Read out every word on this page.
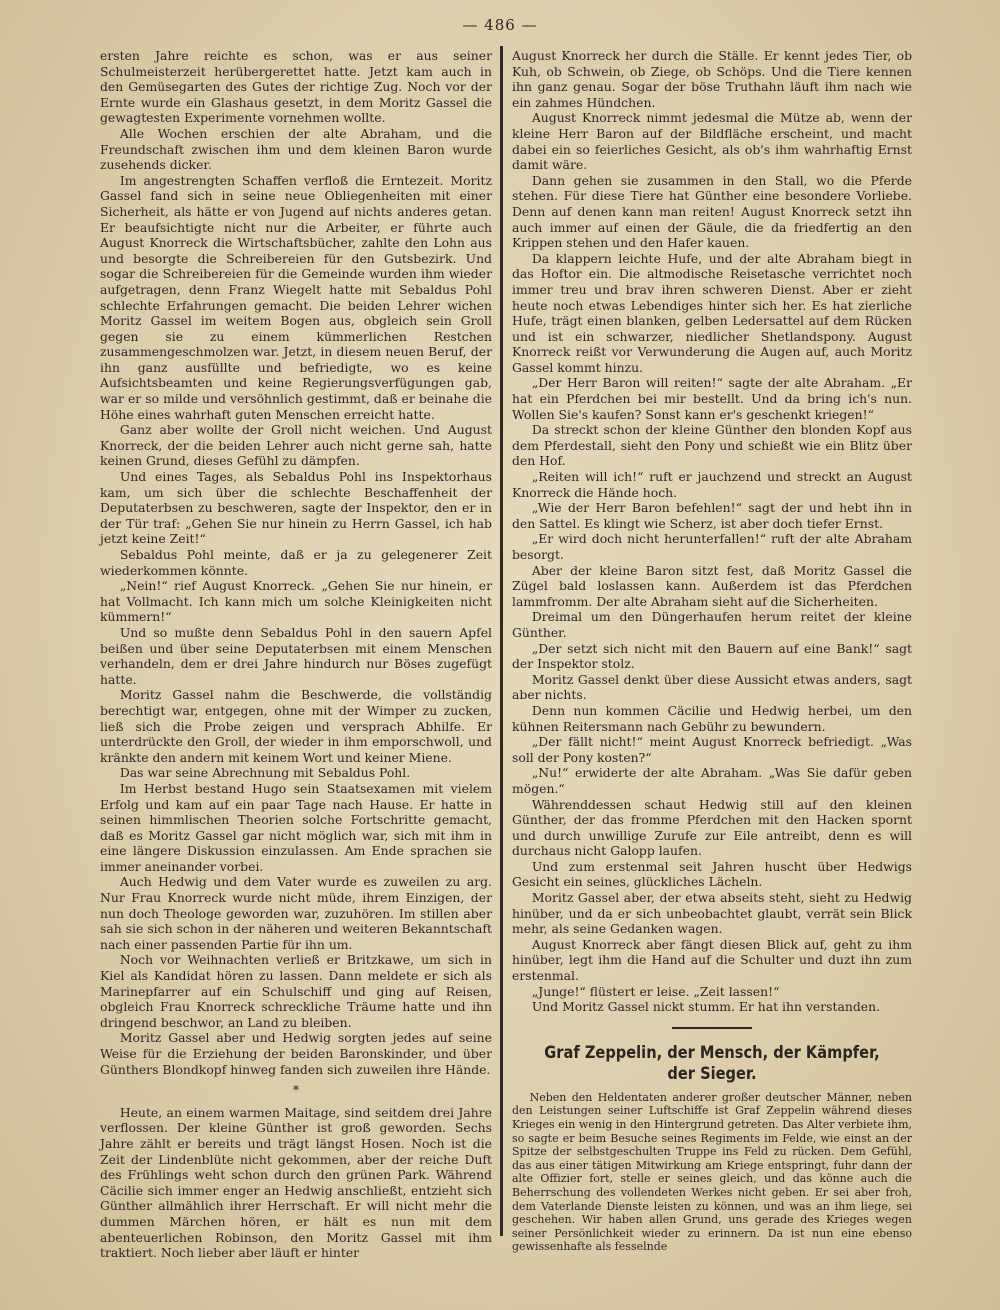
— 486 —

ersten Jahre reichte es schon, was er aus seiner Schulmeisterzeit herübergerettet hatte. Jetzt kam auch in den Gemüsegarten des Gutes der richtige Zug. Noch vor der Ernte wurde ein Glashaus gesetzt, in dem Moritz Gassel die gewagtesten Experimente vornehmen wollte.

Alle Wochen erschien der alte Abraham, und die Freundschaft zwischen ihm und dem kleinen Baron wurde zusehends dicker.

Im angestrengten Schaffen verfloß die Erntezeit. Moritz Gassel fand sich in seine neue Obliegenheiten mit einer Sicherheit, als hätte er von Jugend auf nichts anderes getan. Er beaufsichtigte nicht nur die Arbeiter, er führte auch August Knorreck die Wirtschaftsbücher, zahlte den Lohn aus und besorgte die Schreibereien für den Gutsbezirk. Und sogar die Schreibereien für die Gemeinde wurden ihm wieder aufgetragen, denn Franz Wiegelt hatte mit Sebaldus Pohl schlechte Erfahrungen gemacht. Die beiden Lehrer wichen Moritz Gassel im weitem Bogen aus, obgleich sein Groll gegen sie zu einem kümmerlichen Restchen zusammengeschmolzen war. Jetzt, in diesem neuen Beruf, der ihn ganz ausfüllte und befriedigte, wo es keine Aufsichtsbeamten und keine Regierungsverfügungen gab, war er so milde und versöhnlich gestimmt, daß er beinahe die Höhe eines wahrhaft guten Menschen erreicht hatte.

Ganz aber wollte der Groll nicht weichen. Und August Knorreck, der die beiden Lehrer auch nicht gerne sah, hatte keinen Grund, dieses Gefühl zu dämpfen.

Und eines Tages, als Sebaldus Pohl ins Inspektorhaus kam, um sich über die schlechte Beschaffenheit der Deputaterbsen zu beschweren, sagte der Inspektor, den er in der Tür traf: „Gehen Sie nur hinein zu Herrn Gassel, ich hab jetzt keine Zeit!“

Sebaldus Pohl meinte, daß er ja zu gelegenerer Zeit wiederkommen könnte.

„Nein!“ rief August Knorreck. „Gehen Sie nur hinein, er hat Vollmacht. Ich kann mich um solche Kleinigkeiten nicht kümmern!“

Und so mußte denn Sebaldus Pohl in den sauern Apfel beißen und über seine Deputaterbsen mit einem Menschen verhandeln, dem er drei Jahre hindurch nur Böses zugefügt hatte.

Moritz Gassel nahm die Beschwerde, die vollständig berechtigt war, entgegen, ohne mit der Wimper zu zucken, ließ sich die Probe zeigen und versprach Abhilfe. Er unterdrückte den Groll, der wieder in ihm emporschwoll, und kränkte den andern mit keinem Wort und keiner Miene.

Das war seine Abrechnung mit Sebaldus Pohl.

Im Herbst bestand Hugo sein Staatsexamen mit vielem Erfolg und kam auf ein paar Tage nach Hause. Er hatte in seinen himmlischen Theorien solche Fortschritte gemacht, daß es Moritz Gassel gar nicht möglich war, sich mit ihm in eine längere Diskussion einzulassen. Am Ende sprachen sie immer aneinander vorbei.

Auch Hedwig und dem Vater wurde es zuweilen zu arg. Nur Frau Knorreck wurde nicht müde, ihrem Einzigen, der nun doch Theologe geworden war, zuzuhören. Im stillen aber sah sie sich schon in der näheren und weiteren Bekanntschaft nach einer passenden Partie für ihn um.

Noch vor Weihnachten verließ er Britzkawe, um sich in Kiel als Kandidat hören zu lassen. Dann meldete er sich als Marinepfarrer auf ein Schulschiff und ging auf Reisen, obgleich Frau Knorreck schreckliche Träume hatte und ihn dringend beschwor, an Land zu bleiben.

Moritz Gassel aber und Hedwig sorgten jedes auf seine Weise für die Erziehung der beiden Baronskinder, und über Günthers Blondkopf hinweg fanden sich zuweilen ihre Hände.

*

Heute, an einem warmen Maitage, sind seitdem drei Jahre verflossen. Der kleine Günther ist groß geworden. Sechs Jahre zählt er bereits und trägt längst Hosen. Noch ist die Zeit der Lindenblüte nicht gekommen, aber der reiche Duft des Frühlings weht schon durch den grünen Park. Während Cäcilie sich immer enger an Hedwig anschließt, entzieht sich Günther allmählich ihrer Herrschaft. Er will nicht mehr die dummen Märchen hören, er hält es nun mit dem abenteuerlichen Robinson, den Moritz Gassel mit ihm traktiert. Noch lieber aber läuft er hinter

August Knorreck her durch die Ställe. Er kennt jedes Tier, ob Kuh, ob Schwein, ob Ziege, ob Schöps. Und die Tiere kennen ihn ganz genau. Sogar der böse Truthahn läuft ihm nach wie ein zahmes Hündchen.

August Knorreck nimmt jedesmal die Mütze ab, wenn der kleine Herr Baron auf der Bildfläche erscheint, und macht dabei ein so feierliches Gesicht, als ob's ihm wahrhaftig Ernst damit wäre.

Dann gehen sie zusammen in den Stall, wo die Pferde stehen. Für diese Tiere hat Günther eine besondere Vorliebe. Denn auf denen kann man reiten! August Knorreck setzt ihn auch immer auf einen der Gäule, die da friedfertig an den Krippen stehen und den Hafer kauen.

Da klappern leichte Hufe, und der alte Abraham biegt in das Hoftor ein. Die altmodische Reisetasche verrichtet noch immer treu und brav ihren schweren Dienst. Aber er zieht heute noch etwas Lebendiges hinter sich her. Es hat zierliche Hufe, trägt einen blanken, gelben Ledersattel auf dem Rücken und ist ein schwarzer, niedlicher Shetlandspony. August Knorreck reißt vor Verwunderung die Augen auf, auch Moritz Gassel kommt hinzu.

„Der Herr Baron will reiten!“ sagte der alte Abraham. „Er hat ein Pferdchen bei mir bestellt. Und da bring ich's nun. Wollen Sie's kaufen? Sonst kann er's geschenkt kriegen!“

Da streckt schon der kleine Günther den blonden Kopf aus dem Pferdestall, sieht den Pony und schießt wie ein Blitz über den Hof.

„Reiten will ich!“ ruft er jauchzend und streckt an August Knorreck die Hände hoch.

„Wie der Herr Baron befehlen!“ sagt der und hebt ihn in den Sattel. Es klingt wie Scherz, ist aber doch tiefer Ernst.

„Er wird doch nicht herunterfallen!“ ruft der alte Abraham besorgt.

Aber der kleine Baron sitzt fest, daß Moritz Gassel die Zügel bald loslassen kann. Außerdem ist das Pferdchen lammfromm. Der alte Abraham sieht auf die Sicherheiten.

Dreimal um den Düngerhaufen herum reitet der kleine Günther.

„Der setzt sich nicht mit den Bauern auf eine Bank!“ sagt der Inspektor stolz.

Moritz Gassel denkt über diese Aussicht etwas anders, sagt aber nichts.

Denn nun kommen Cäcilie und Hedwig herbei, um den kühnen Reitersmann nach Gebühr zu bewundern.

„Der fällt nicht!“ meint August Knorreck befriedigt. „Was soll der Pony kosten?“

„Nu!“ erwiderte der alte Abraham. „Was Sie dafür geben mögen.“

Währenddessen schaut Hedwig still auf den kleinen Günther, der das fromme Pferdchen mit den Hacken spornt und durch unwillige Zurufe zur Eile antreibt, denn es will durchaus nicht Galopp laufen.

Und zum erstenmal seit Jahren huscht über Hedwigs Gesicht ein seines, glückliches Lächeln.

Moritz Gassel aber, der etwa abseits steht, sieht zu Hedwig hinüber, und da er sich unbeobachtet glaubt, verrät sein Blick mehr, als seine Gedanken wagen.

August Knorreck aber fängt diesen Blick auf, geht zu ihm hinüber, legt ihm die Hand auf die Schulter und duzt ihn zum erstenmal.

„Junge!“ flüstert er leise. „Zeit lassen!“

Und Moritz Gassel nickt stumm. Er hat ihn verstanden.

Graf Zeppelin, der Mensch, der Kämpfer,
der Sieger.

Neben den Heldentaten anderer großer deutscher Männer, neben den Leistungen seiner Luftschiffe ist Graf Zeppelin während dieses Krieges ein wenig in den Hintergrund getreten. Das Alter verbiete ihm, so sagte er beim Besuche seines Regiments im Felde, wie einst an der Spitze der selbstgeschulten Truppe ins Feld zu rücken. Dem Gefühl, das aus einer tätigen Mitwirkung am Kriege entspringt, fuhr dann der alte Offizier fort, stelle er seines gleich, und das könne auch die Beherrschung des vollendeten Werkes nicht geben. Er sei aber froh, dem Vaterlande Dienste leisten zu können, und was an ihm liege, sei geschehen. Wir haben allen Grund, uns gerade des Krieges wegen seiner Persönlichkeit wieder zu erinnern. Da ist nun eine ebenso gewissenhafte als fesselnde
